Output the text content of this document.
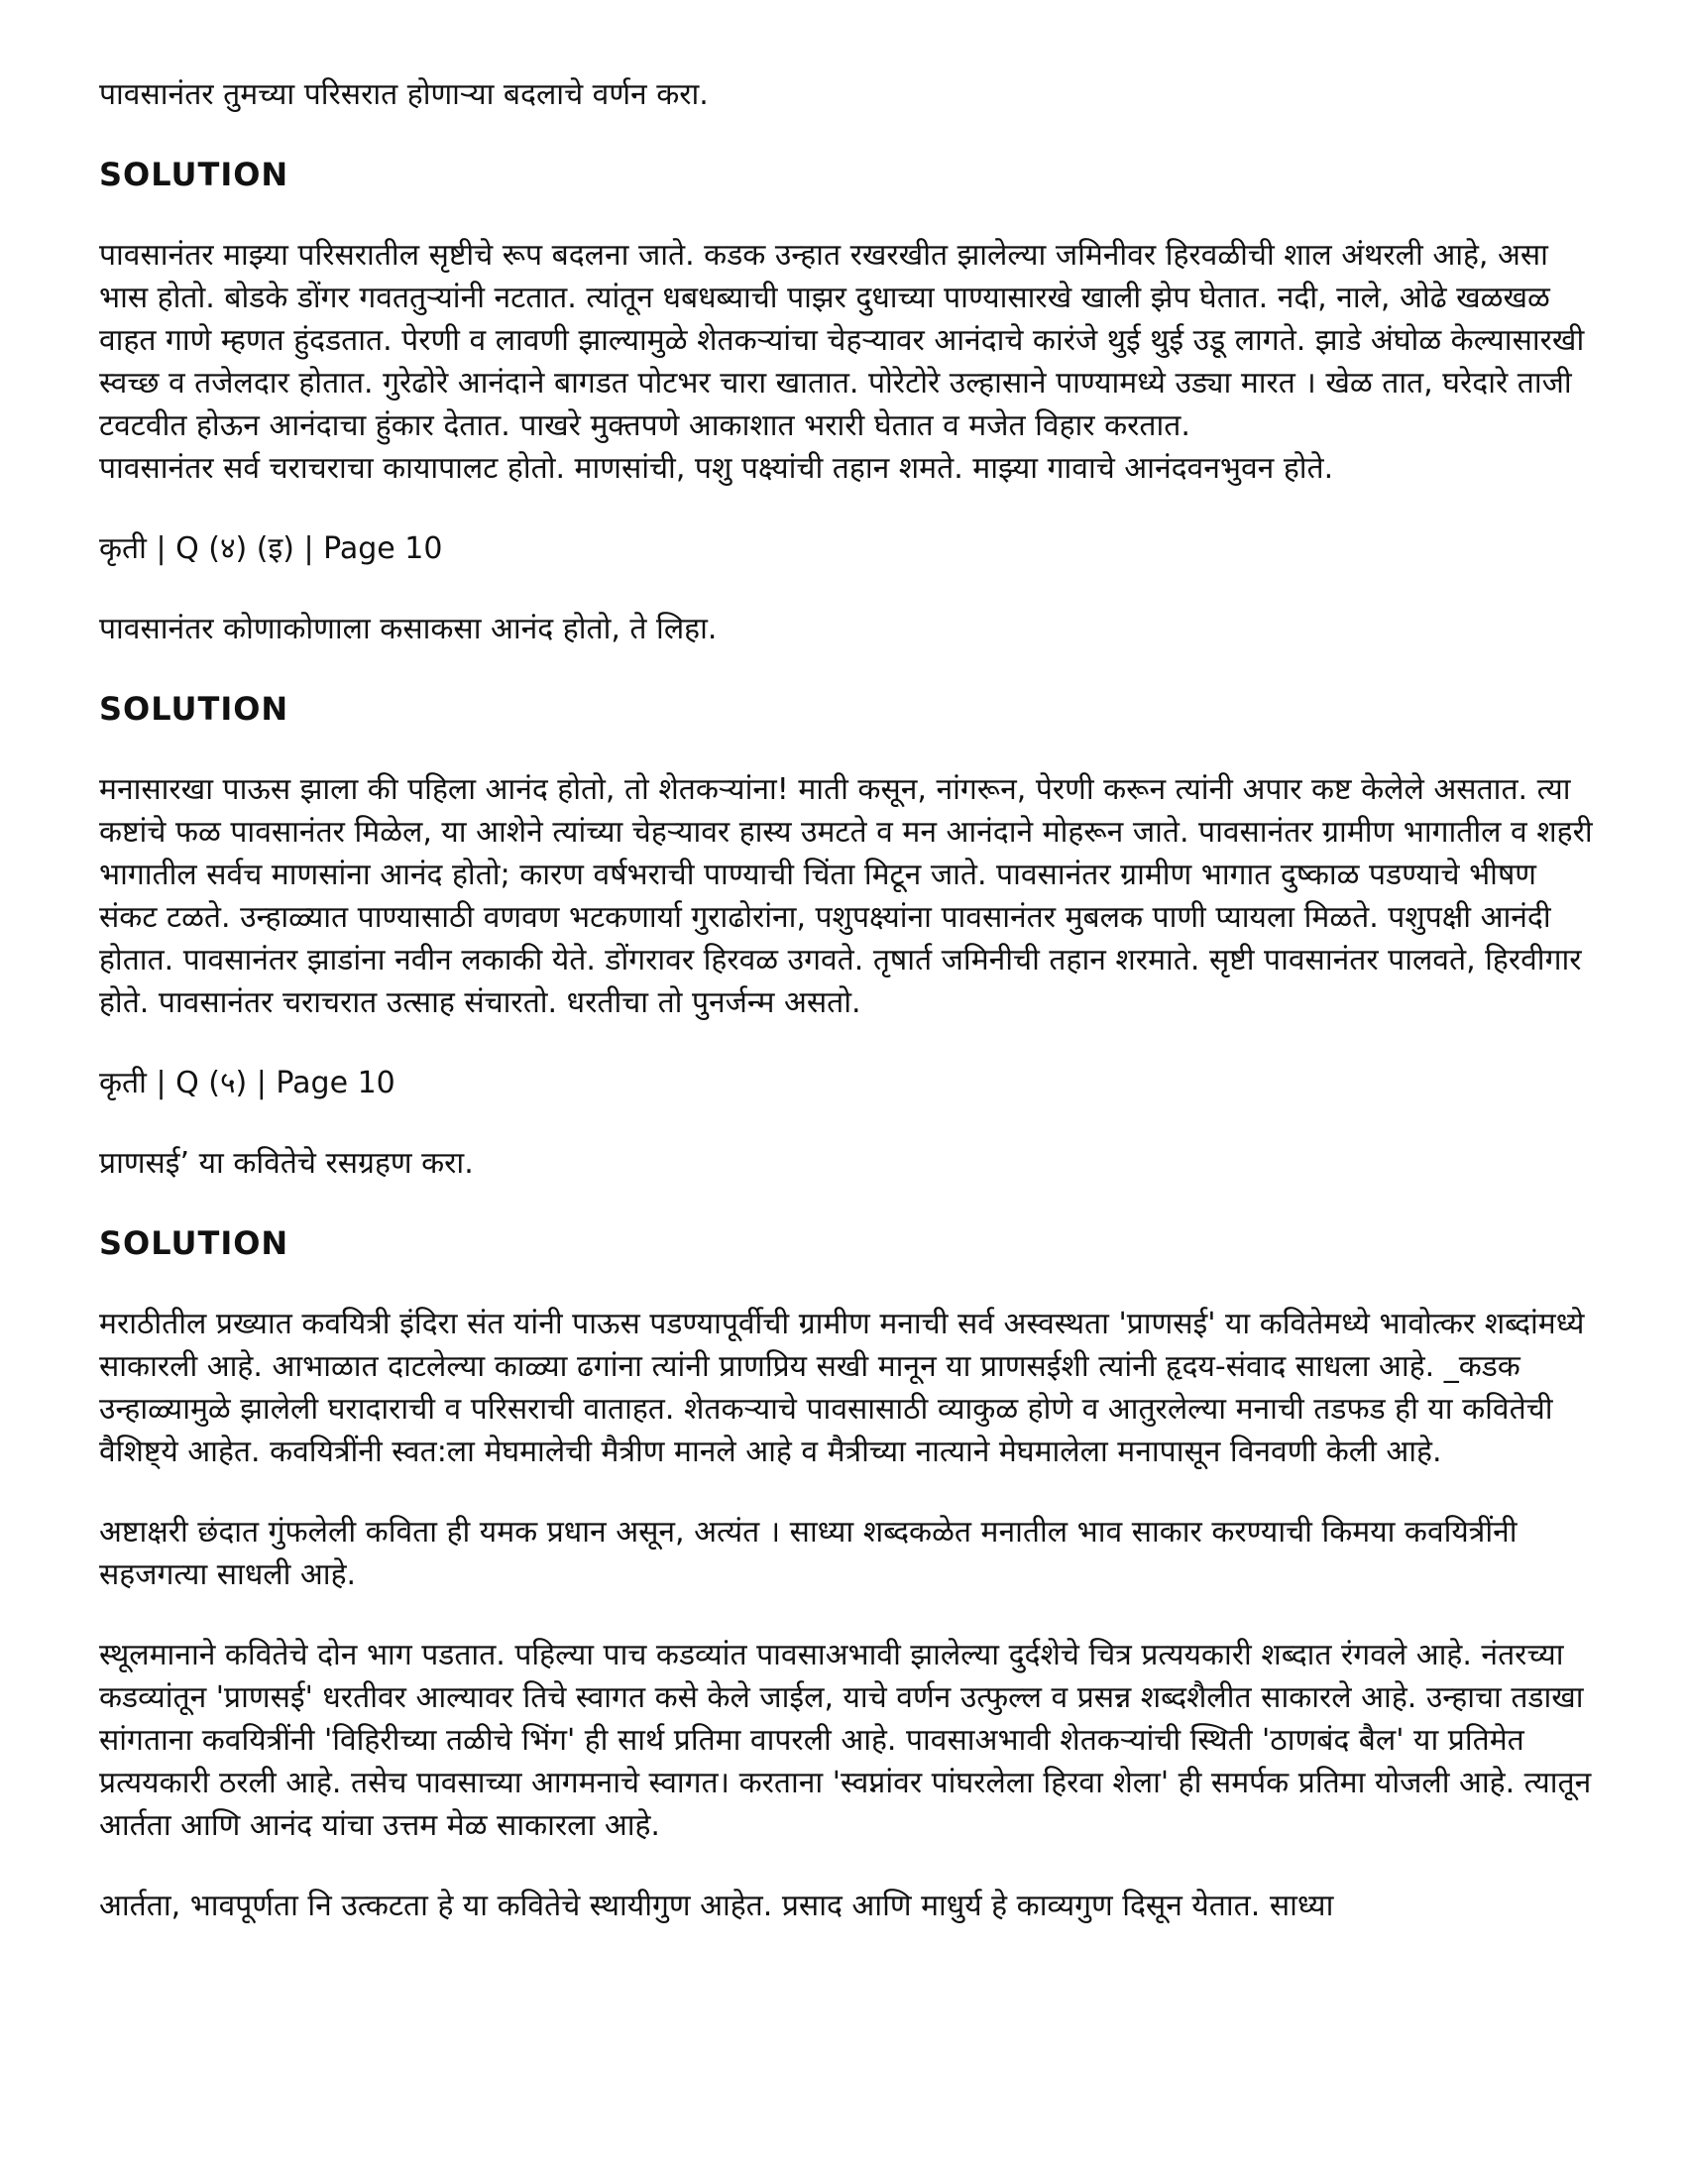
पावसानंतर तुमच्या परिसरात होणाऱ्या बदलाचे वर्णन करा.

SOLUTION

पावसानंतर माझ्या परिसरातील सृष्टीचे रूप बदलना जाते. कडक उन्हात रखरखीत झालेल्या जमिनीवर हिरवळीची शाल अंथरली आहे, असा भास होतो. बोडके डोंगर गवततुऱ्यांनी नटतात. त्यांतून धबधब्याची पाझर दुधाच्या पाण्यासारखे खाली झेप घेतात. नदी, नाले, ओढे खळखळ वाहत गाणे म्हणत हुंदडतात. पेरणी व लावणी झाल्यामुळे शेतकऱ्यांचा चेहऱ्यावर आनंदाचे कारंजे थुई थुई उडू लागते. झाडे अंघोळ केल्यासारखी स्वच्छ व तजेलदार होतात. गुरेढोरे आनंदाने बागडत पोटभर चारा खातात. पोरेटोरे उल्हासाने पाण्यामध्ये उड्या मारत । खेळ तात, घरेदारे ताजी टवटवीत होऊन आनंदाचा हुंकार देतात. पाखरे मुक्तपणे आकाशात भरारी घेतात व मजेत विहार करतात.

पावसानंतर सर्व चराचराचा कायापालट होतो. माणसांची, पशु पक्ष्यांची तहान शमते. माझ्या गावाचे आनंदवनभुवन होते.

कृती | Q (४) (इ) | Page 10

पावसानंतर कोणाकोणाला कसाकसा आनंद होतो, ते लिहा.

SOLUTION

मनासारखा पाऊस झाला की पहिला आनंद होतो, तो शेतकऱ्यांना! माती कसून, नांगरून, पेरणी करून त्यांनी अपार कष्ट केलेले असतात. त्या कष्टांचे फळ पावसानंतर मिळेल, या आशेने त्यांच्या चेहऱ्यावर हास्य उमटते व मन आनंदाने मोहरून जाते. पावसानंतर ग्रामीण भागातील व शहरी भागातील सर्वच माणसांना आनंद होतो; कारण वर्षभराची पाण्याची चिंता मिटून जाते. पावसानंतर ग्रामीण भागात दुष्काळ पडण्याचे भीषण संकट टळते. उन्हाळ्यात पाण्यासाठी वणवण भटकणार्या गुराढोरांना, पशुपक्ष्यांना पावसानंतर मुबलक पाणी प्यायला मिळते. पशुपक्षी आनंदी होतात. पावसानंतर झाडांना नवीन लकाकी येते. डोंगरावर हिरवळ उगवते. तृषार्त जमिनीची तहान शरमाते. सृष्टी पावसानंतर पालवते, हिरवीगार होते. पावसानंतर चराचरात उत्साह संचारतो. धरतीचा तो पुनर्जन्म असतो.

कृती | Q (५) | Page 10

प्राणसई’ या कवितेचे रसग्रहण करा.

SOLUTION

मराठीतील प्रख्यात कवयित्री इंदिरा संत यांनी पाऊस पडण्यापूर्वीची ग्रामीण मनाची सर्व अस्वस्थता 'प्राणसई' या कवितेमध्ये भावोत्कर शब्दांमध्ये साकारली आहे. आभाळात दाटलेल्या काळ्या ढगांना त्यांनी प्राणप्रिय सखी मानून या प्राणसईशी त्यांनी हृदय-संवाद साधला आहे. _कडक उन्हाळ्यामुळे झालेली घरादाराची व परिसराची वाताहत. शेतकऱ्याचे पावसासाठी व्याकुळ होणे व आतुरलेल्या मनाची तडफड ही या कवितेची वैशिष्ट्ये आहेत. कवयित्रींनी स्वत:ला मेघमालेची मैत्रीण मानले आहे व मैत्रीच्या नात्याने मेघमालेला मनापासून विनवणी केली आहे.

अष्टाक्षरी छंदात गुंफलेली कविता ही यमक प्रधान असून, अत्यंत । साध्या शब्दकळेत मनातील भाव साकार करण्याची किमया कवयित्रींनी सहजगत्या साधली आहे.

स्थूलमानाने कवितेचे दोन भाग पडतात. पहिल्या पाच कडव्यांत पावसाअभावी झालेल्या दुर्दशेचे चित्र प्रत्ययकारी शब्दात रंगवले आहे. नंतरच्या कडव्यांतून 'प्राणसई' धरतीवर आल्यावर तिचे स्वागत कसे केले जाईल, याचे वर्णन उत्फुल्ल व प्रसन्न शब्दशैलीत साकारले आहे. उन्हाचा तडाखा सांगताना कवयित्रींनी 'विहिरीच्या तळीचे भिंग' ही सार्थ प्रतिमा वापरली आहे. पावसाअभावी शेतकऱ्यांची स्थिती 'ठाणबंद बैल' या प्रतिमेत प्रत्ययकारी ठरली आहे. तसेच पावसाच्या आगमनाचे स्वागत। करताना 'स्वप्नांवर पांघरलेला हिरवा शेला' ही समर्पक प्रतिमा योजली आहे. त्यातून आर्तता आणि आनंद यांचा उत्तम मेळ साकारला आहे.

आर्तता, भावपूर्णता नि उत्कटता हे या कवितेचे स्थायीगुण आहेत. प्रसाद आणि माधुर्य हे काव्यगुण दिसून येतात. साध्या
